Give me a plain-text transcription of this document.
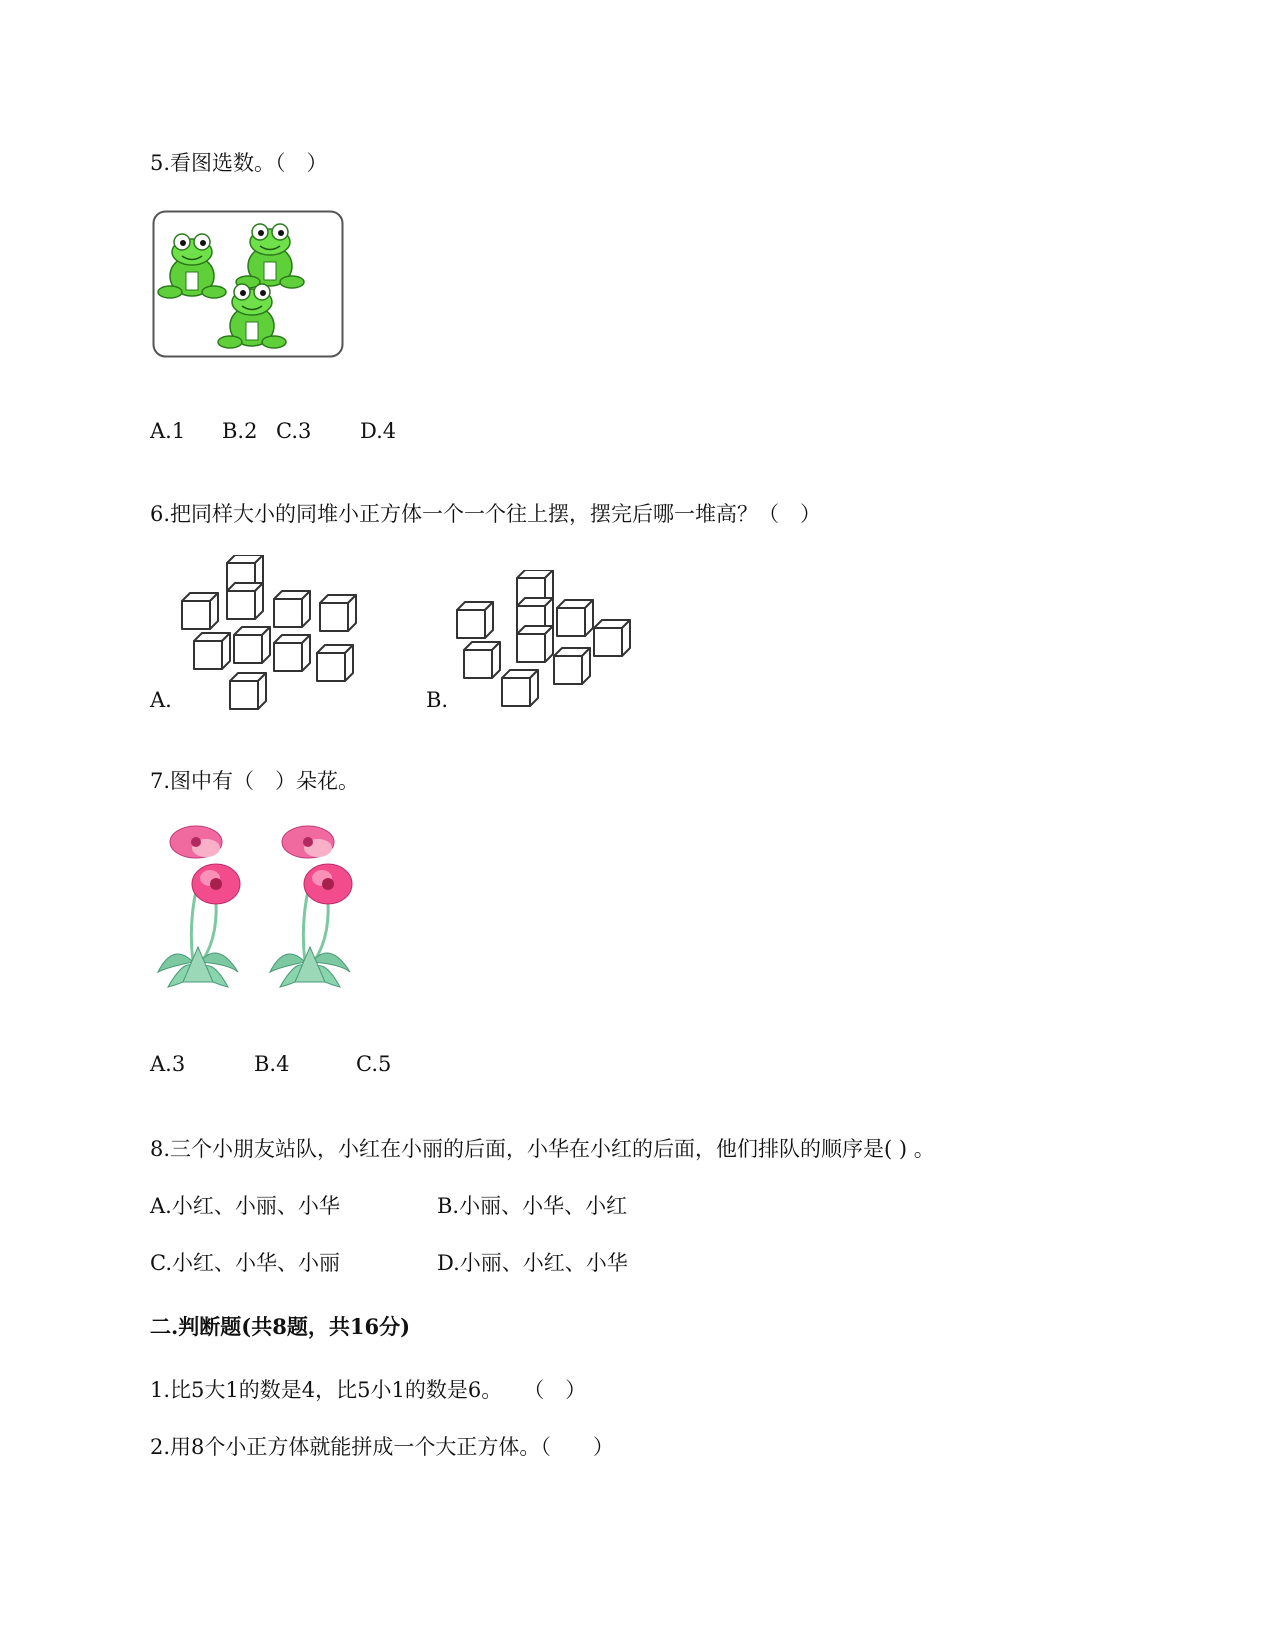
5.看图选数。（　）
A.1 B.2 C.3 D.4
6.把同样大小的同堆小正方体一个一个往上摆，摆完后哪一堆高？（　）
A.	B.
7.图中有（　）朵花。
A.3	B.4	C.5
8.三个小朋友站队，小红在小丽的后面，小华在小红的后面，他们排队的顺序是( ) 。
A.小红、小丽、小华	B.小丽、小华、小红
C.小红、小华、小丽	D.小丽、小红、小华
二.判断题(共8题，共16分)
1.比5大1的数是4，比5小1的数是6。　　（　）
2.用8个小正方体就能拼成一个大正方体。（　　）
